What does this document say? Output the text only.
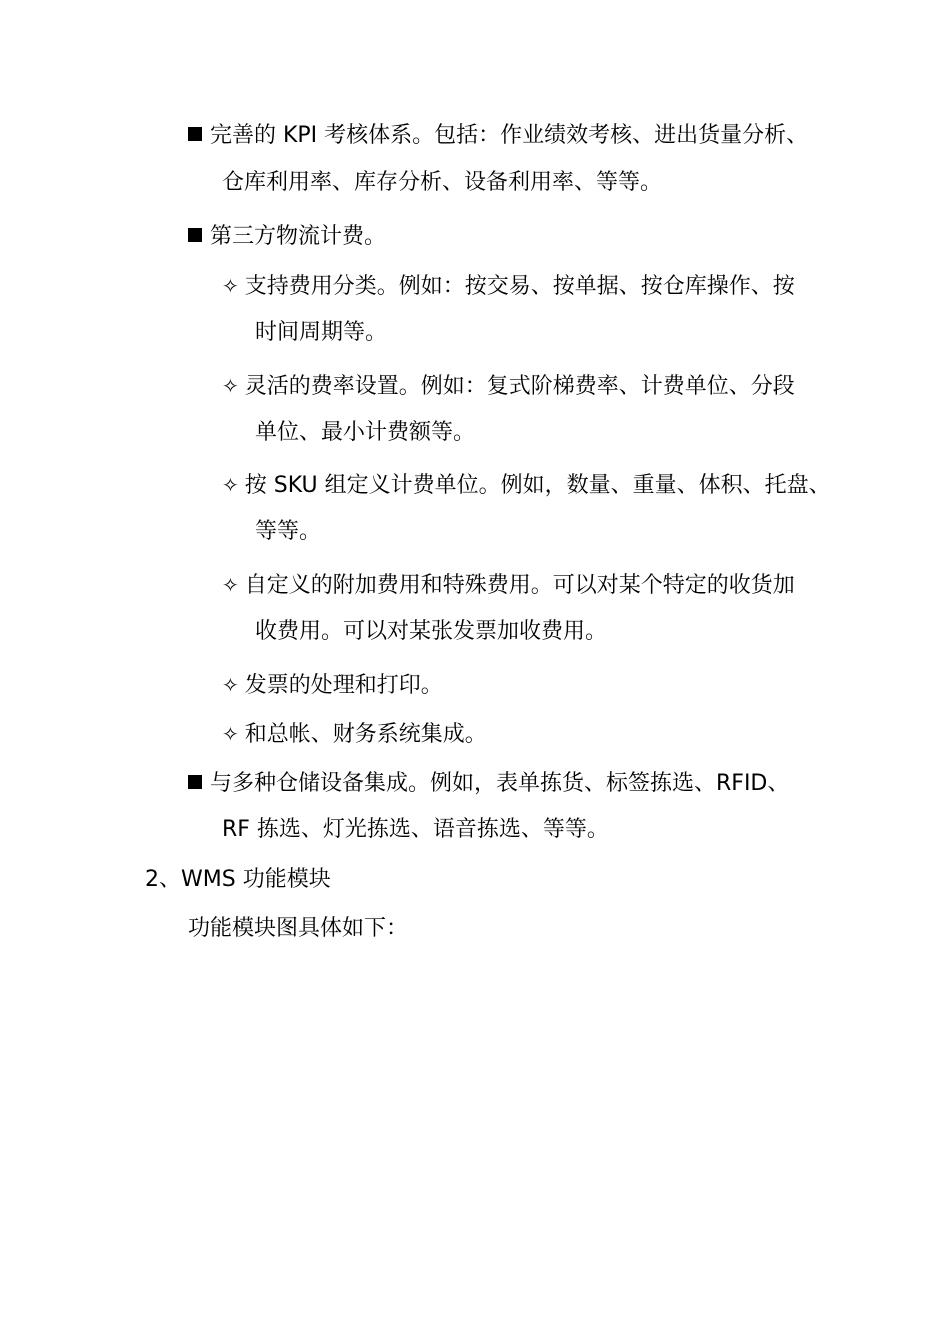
完善的 KPI 考核体系。包括：作业绩效考核、进出货量分析、
仓库利用率、库存分析、设备利用率、等等。
第三方物流计费。
✧ 支持费用分类。例如：按交易、按单据、按仓库操作、按
时间周期等。
✧ 灵活的费率设置。例如：复式阶梯费率、计费单位、分段
单位、最小计费额等。
✧ 按 SKU 组定义计费单位。例如，数量、重量、体积、托盘、
等等。
✧ 自定义的附加费用和特殊费用。可以对某个特定的收货加
收费用。可以对某张发票加收费用。
✧ 发票的处理和打印。
✧ 和总帐、财务系统集成。
与多种仓储设备集成。例如，表单拣货、标签拣选、RFID、
RF 拣选、灯光拣选、语音拣选、等等。
2、WMS 功能模块
功能模块图具体如下：
